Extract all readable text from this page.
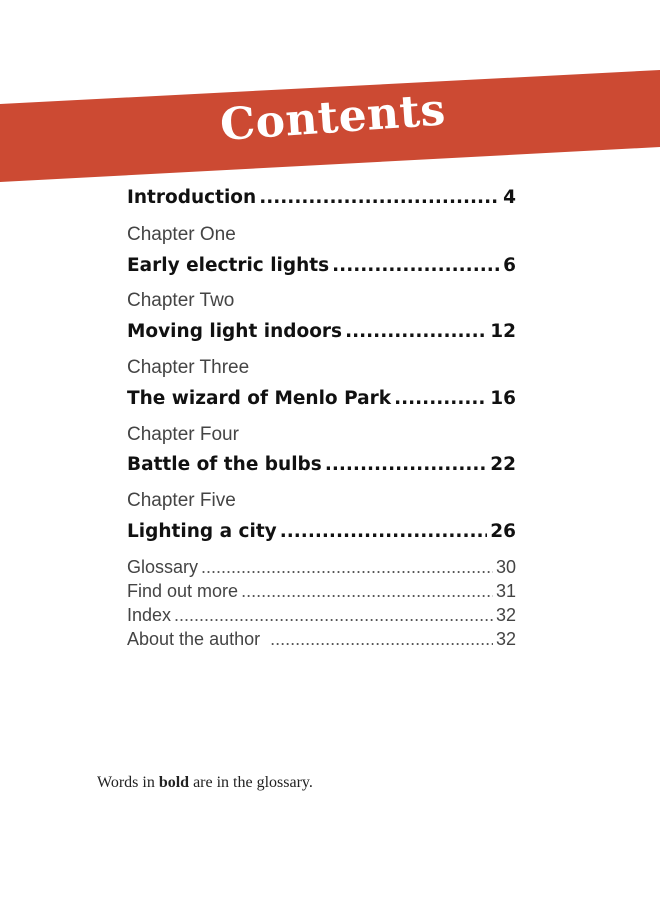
Contents
Introduction .....	4
Chapter One
Early electric lights .....	6
Chapter Two
Moving light indoors .....	12
Chapter Three
The wizard of Menlo Park .....	16
Chapter Four
Battle of the bulbs .....	22
Chapter Five
Lighting a city .....	26
Glossary .....	30
Find out more .....	31
Index .....	32
About the author .....	32
Words in bold are in the glossary.
